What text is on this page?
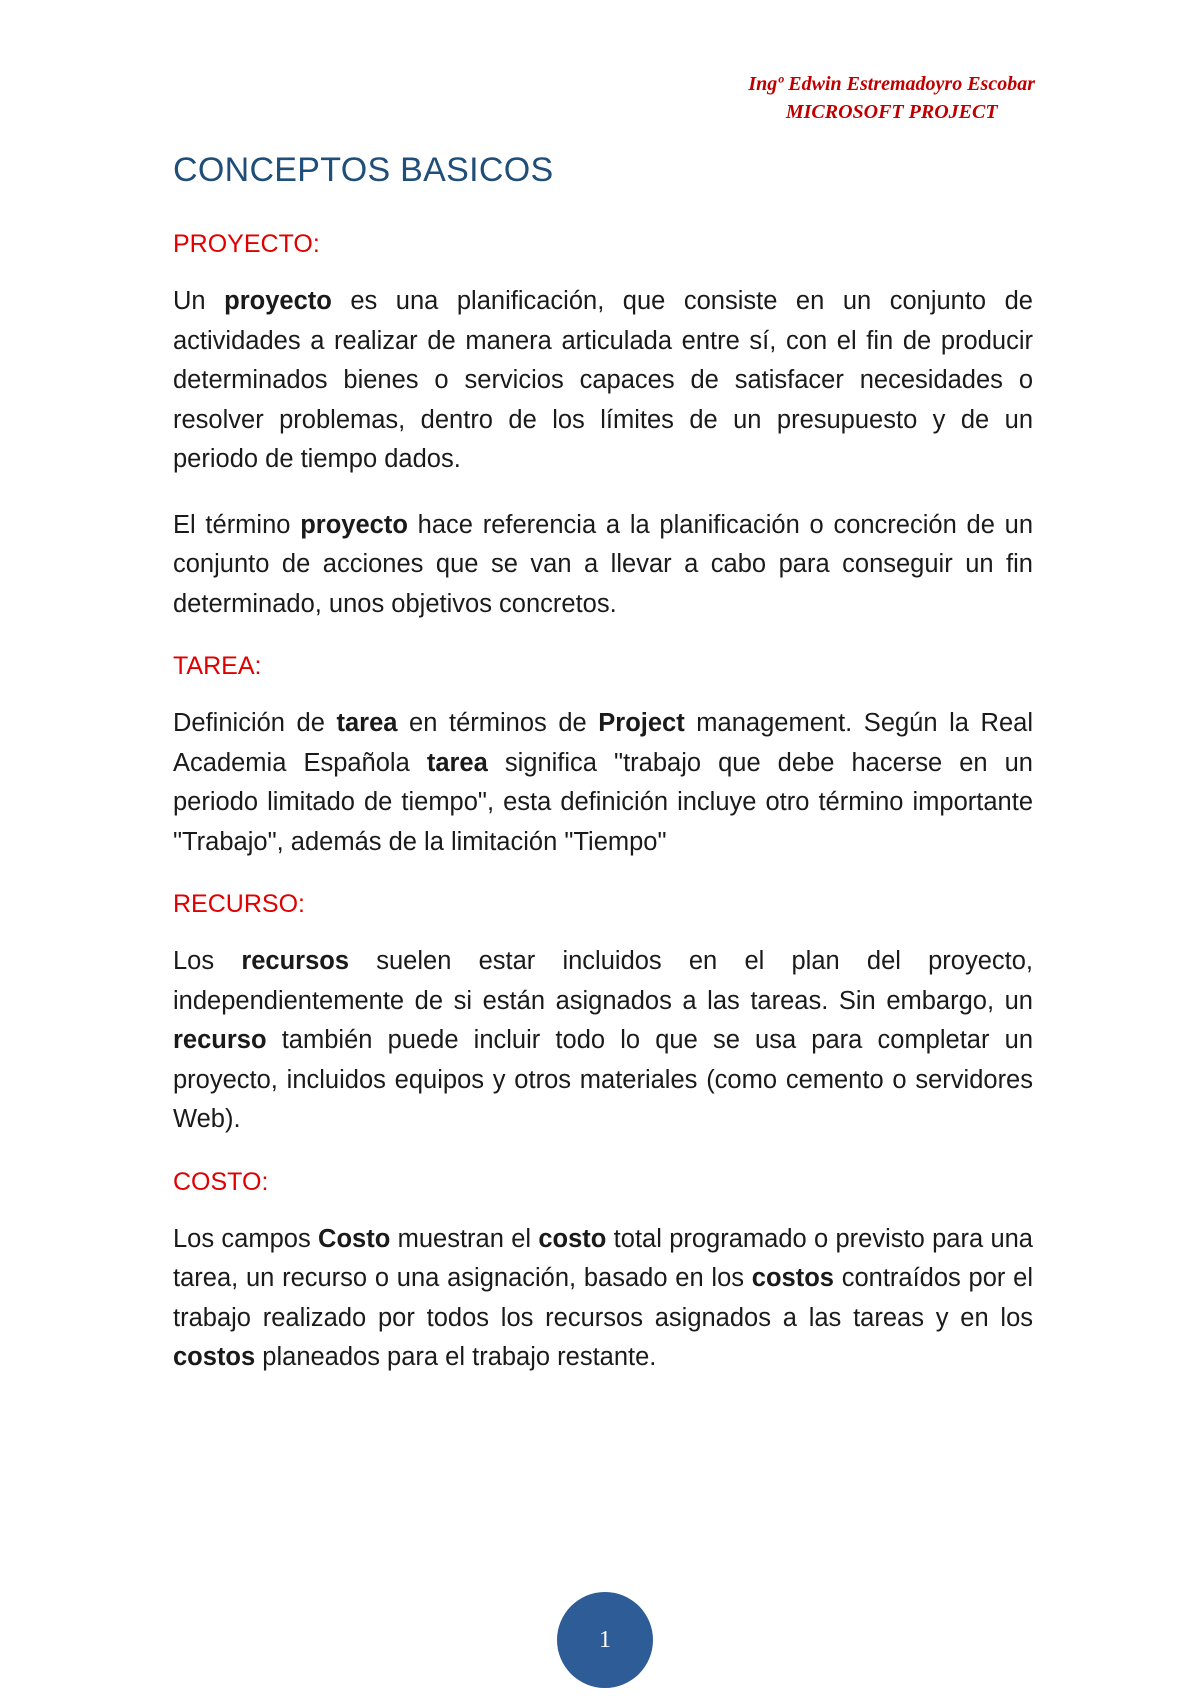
Ingº Edwin Estremadoyro Escobar
MICROSOFT PROJECT
CONCEPTOS BASICOS
PROYECTO:

Un proyecto es una planificación, que consiste en un conjunto de actividades a realizar de manera articulada entre sí, con el fin de producir determinados bienes o servicios capaces de satisfacer necesidades o resolver problemas, dentro de los límites de un presupuesto y de un periodo de tiempo dados.

El término proyecto hace referencia a la planificación o concreción de un conjunto de acciones que se van a llevar a cabo para conseguir un fin determinado, unos objetivos concretos.

TAREA:

Definición de tarea en términos de Project management. Según la Real Academia Española tarea significa "trabajo que debe hacerse en un periodo limitado de tiempo", esta definición incluye otro término importante "Trabajo", además de la limitación "Tiempo"

RECURSO:

Los recursos suelen estar incluidos en el plan del proyecto, independientemente de si están asignados a las tareas. Sin embargo, un recurso también puede incluir todo lo que se usa para completar un proyecto, incluidos equipos y otros materiales (como cemento o servidores Web).

COSTO:

Los campos Costo muestran el costo total programado o previsto para una tarea, un recurso o una asignación, basado en los costos contraídos por el trabajo realizado por todos los recursos asignados a las tareas y en los costos planeados para el trabajo restante.

1
